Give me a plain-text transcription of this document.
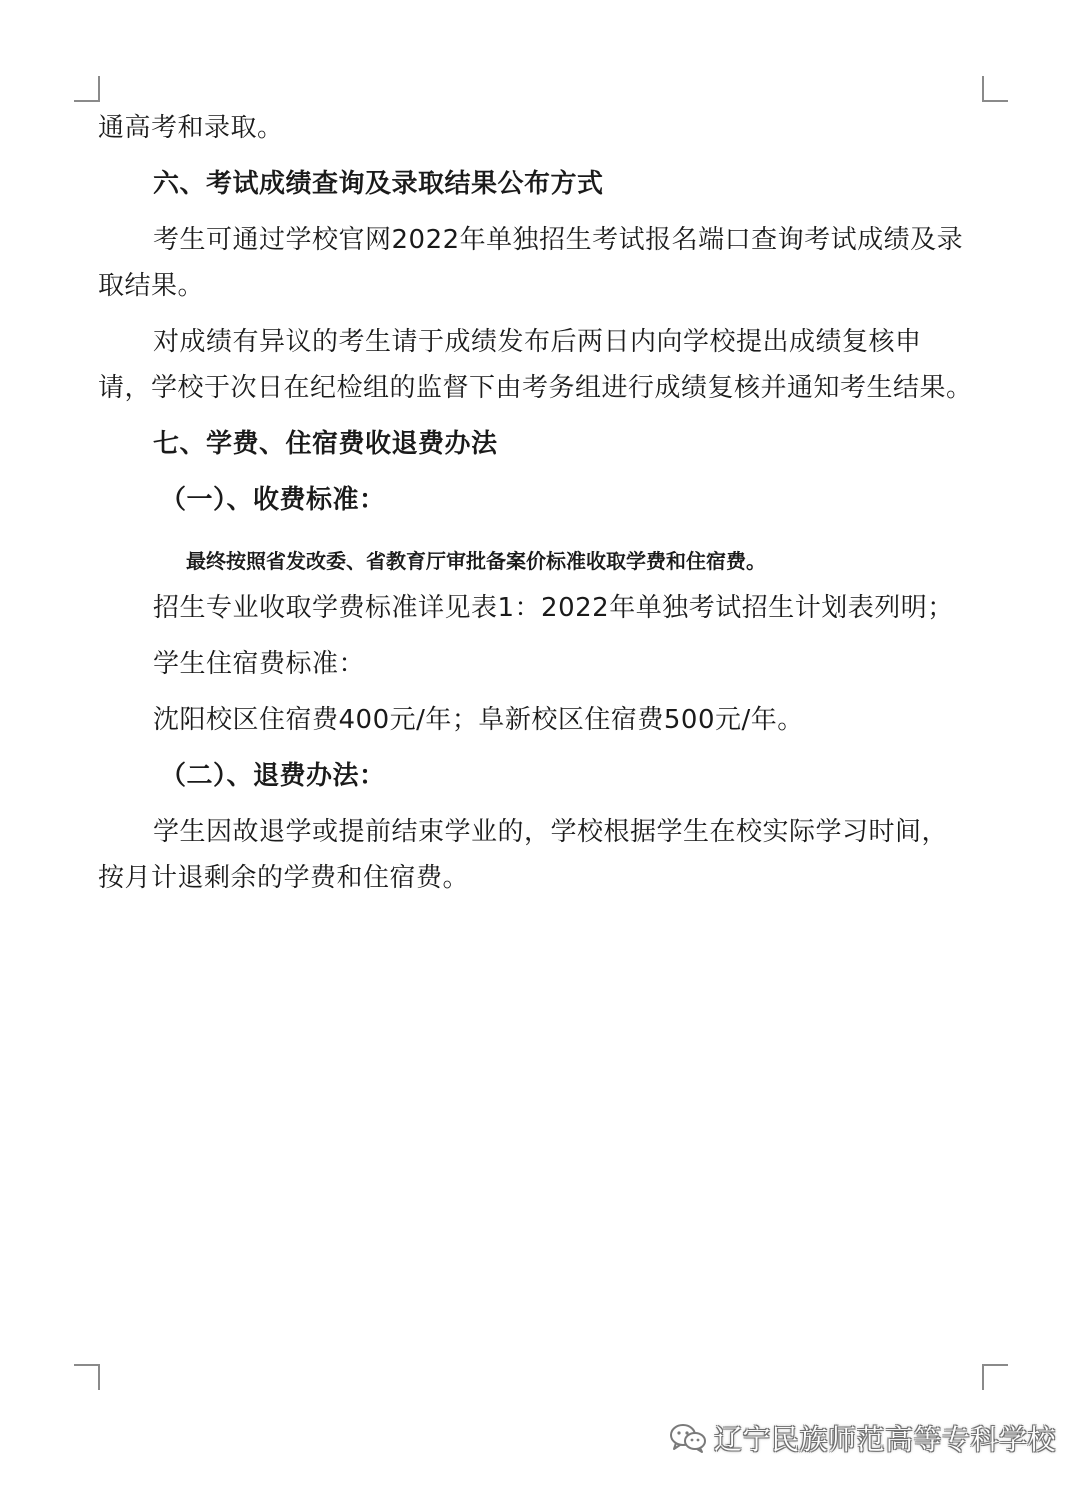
通高考和录取。

六、考试成绩查询及录取结果公布方式

考生可通过学校官网2022年单独招生考试报名端口查询考试成绩及录

取结果。

对成绩有异议的考生请于成绩发布后两日内向学校提出成绩复核申

请，学校于次日在纪检组的监督下由考务组进行成绩复核并通知考生结果。

七、学费、住宿费收退费办法

（一）、收费标准：

最终按照省发改委、省教育厅审批备案价标准收取学费和住宿费。

招生专业收取学费标准详见表1：2022年单独考试招生计划表列明；

学生住宿费标准：

沈阳校区住宿费400元/年；阜新校区住宿费500元/年。

（二）、退费办法：

学生因故退学或提前结束学业的，学校根据学生在校实际学习时间，

按月计退剩余的学费和住宿费。

辽宁民族师范高等专科学校
